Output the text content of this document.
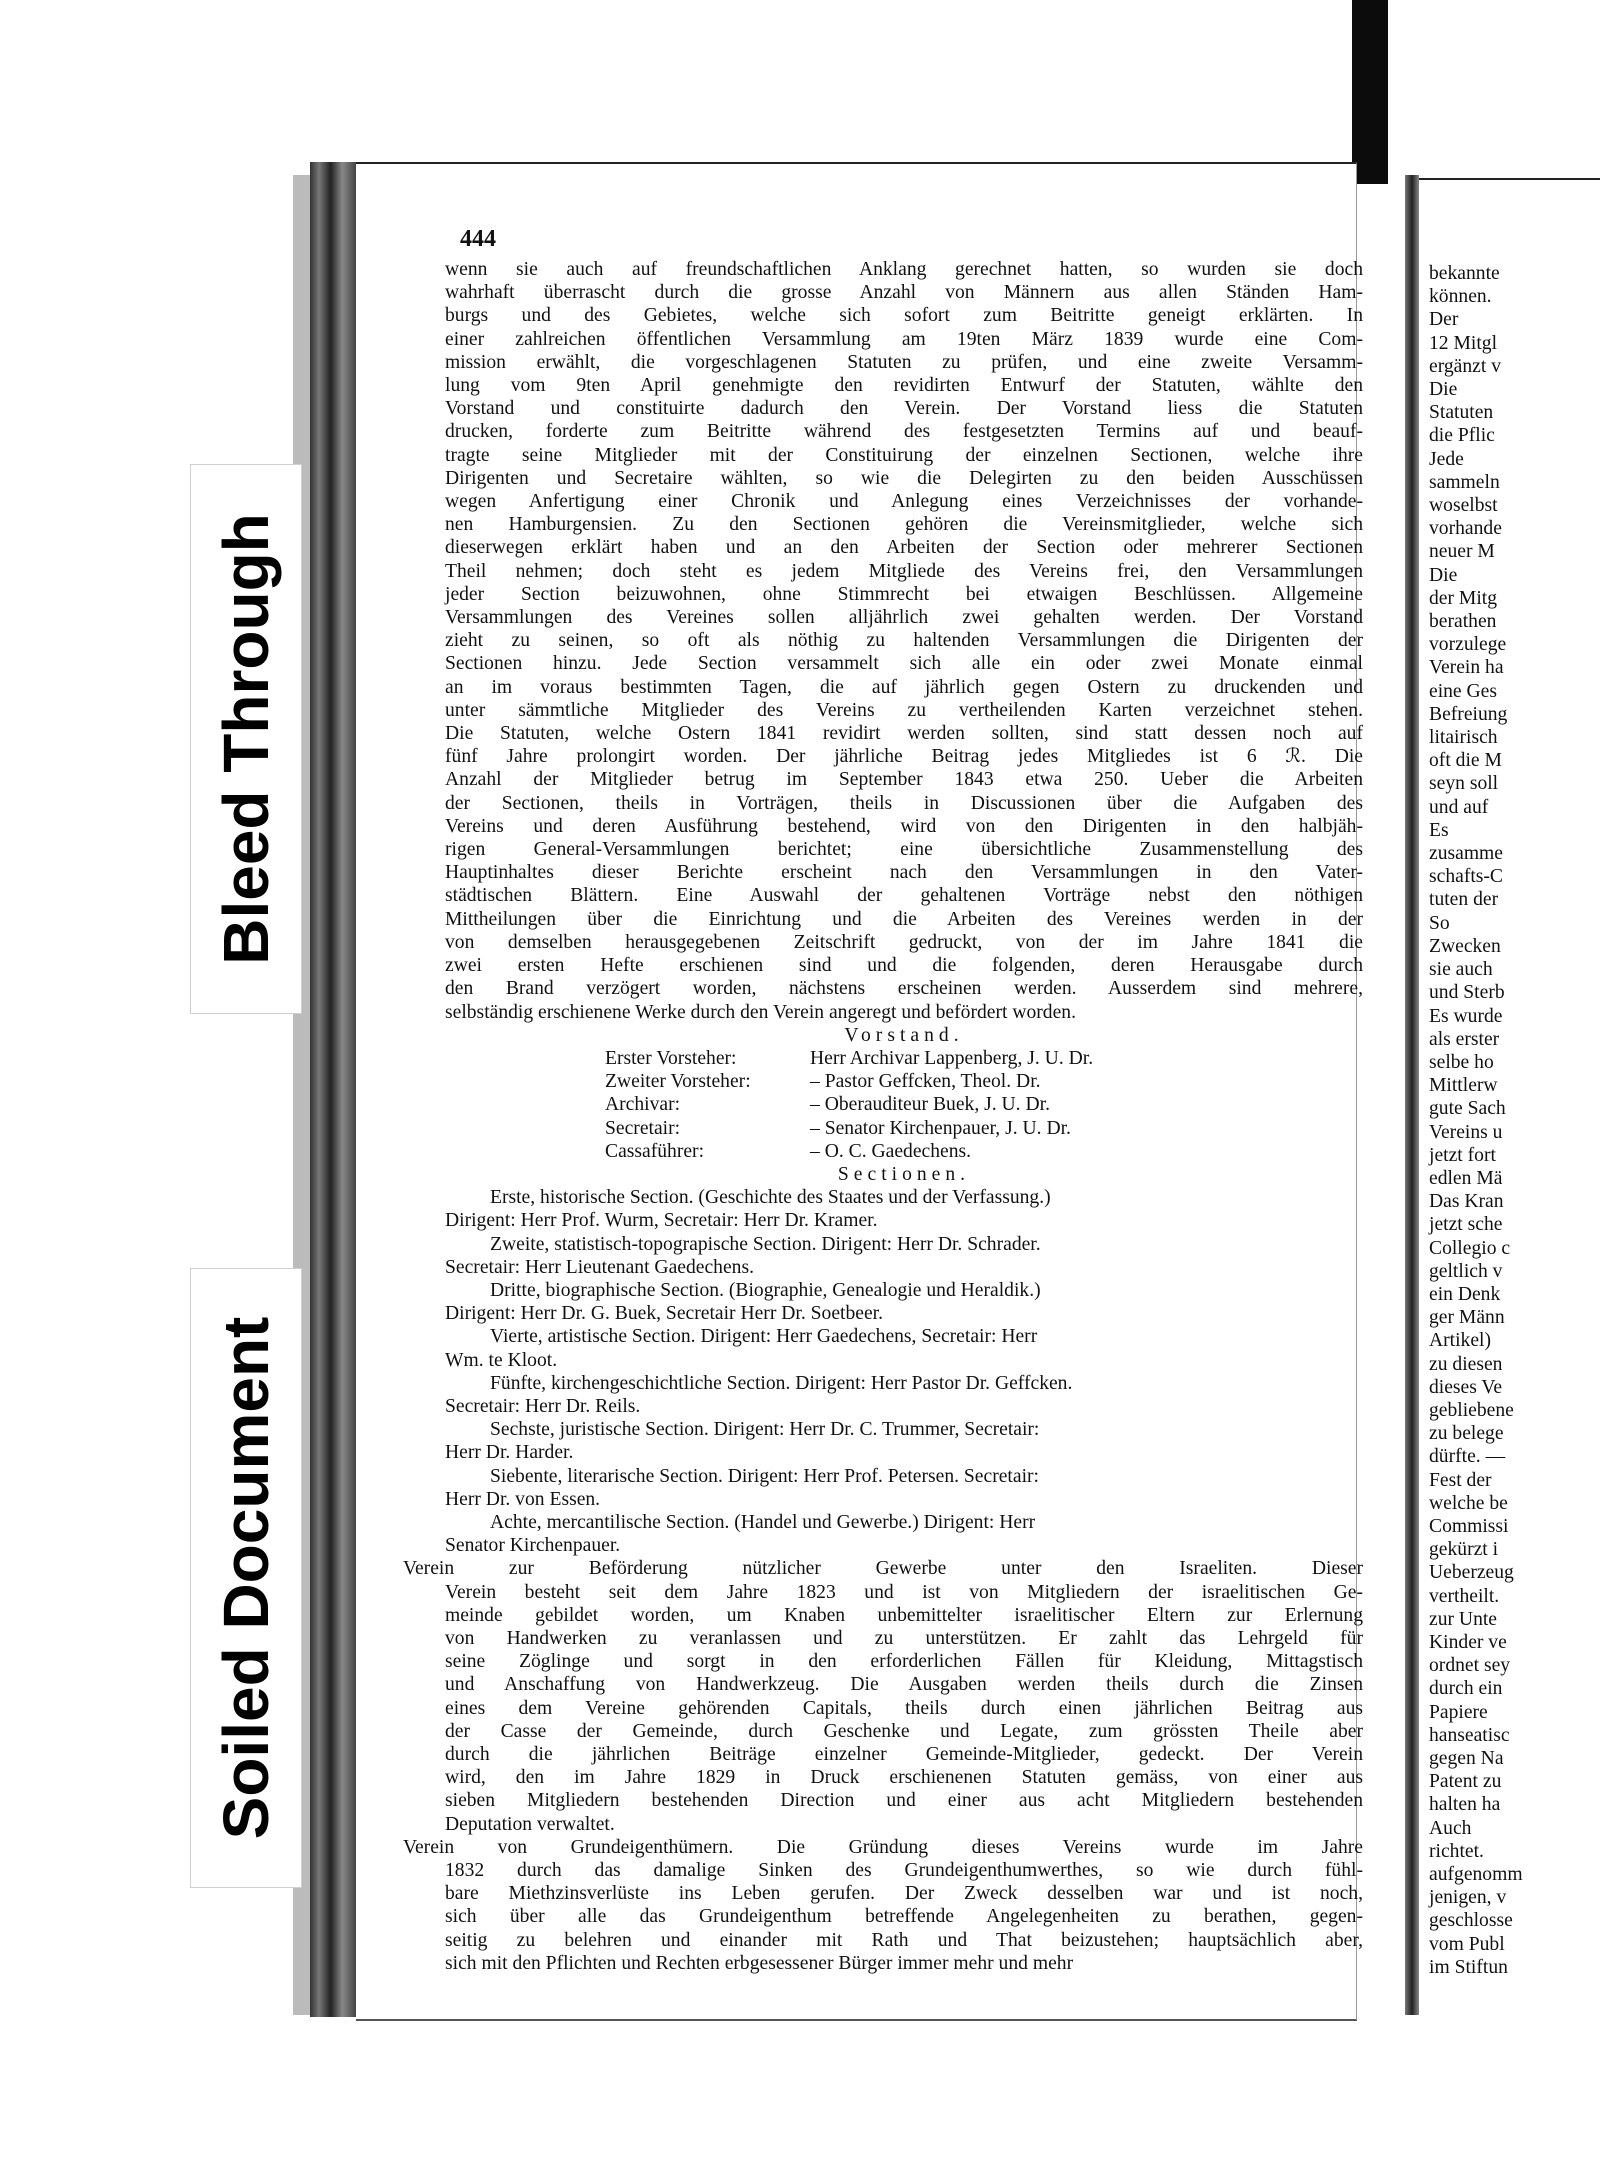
Bleed Through
Soiled Document
444

wenn sie auch auf freundschaftlichen Anklang gerechnet hatten, so wurden sie doch

wahrhaft überrascht durch die grosse Anzahl von Männern aus allen Ständen Ham-

burgs und des Gebietes, welche sich sofort zum Beitritte geneigt erklärten. In

einer zahlreichen öffentlichen Versammlung am 19ten März 1839 wurde eine Com-

mission erwählt, die vorgeschlagenen Statuten zu prüfen, und eine zweite Versamm-

lung vom 9ten April genehmigte den revidirten Entwurf der Statuten, wählte den

Vorstand und constituirte dadurch den Verein. Der Vorstand liess die Statuten

drucken, forderte zum Beitritte während des festgesetzten Termins auf und beauf-

tragte seine Mitglieder mit der Constituirung der einzelnen Sectionen, welche ihre

Dirigenten und Secretaire wählten, so wie die Delegirten zu den beiden Ausschüssen

wegen Anfertigung einer Chronik und Anlegung eines Verzeichnisses der vorhande-

nen Hamburgensien. Zu den Sectionen gehören die Vereinsmitglieder, welche sich

dieserwegen erklärt haben und an den Arbeiten der Section oder mehrerer Sectionen

Theil nehmen; doch steht es jedem Mitgliede des Vereins frei, den Versammlungen

jeder Section beizuwohnen, ohne Stimmrecht bei etwaigen Beschlüssen. Allgemeine

Versammlungen des Vereines sollen alljährlich zwei gehalten werden. Der Vorstand

zieht zu seinen, so oft als nöthig zu haltenden Versammlungen die Dirigenten der

Sectionen hinzu. Jede Section versammelt sich alle ein oder zwei Monate einmal

an im voraus bestimmten Tagen, die auf jährlich gegen Ostern zu druckenden und

unter sämmtliche Mitglieder des Vereins zu vertheilenden Karten verzeichnet stehen.

Die Statuten, welche Ostern 1841 revidirt werden sollten, sind statt dessen noch auf

fünf Jahre prolongirt worden. Der jährliche Beitrag jedes Mitgliedes ist 6 ℛ. Die

Anzahl der Mitglieder betrug im September 1843 etwa 250. Ueber die Arbeiten

der Sectionen, theils in Vorträgen, theils in Discussionen über die Aufgaben des

Vereins und deren Ausführung bestehend, wird von den Dirigenten in den halbjäh-

rigen General-Versammlungen berichtet; eine übersichtliche Zusammenstellung des

Hauptinhaltes dieser Berichte erscheint nach den Versammlungen in den Vater-

städtischen Blättern. Eine Auswahl der gehaltenen Vorträge nebst den nöthigen

Mittheilungen über die Einrichtung und die Arbeiten des Vereines werden in der

von demselben herausgegebenen Zeitschrift gedruckt, von der im Jahre 1841 die

zwei ersten Hefte erschienen sind und die folgenden, deren Herausgabe durch

den Brand verzögert worden, nächstens erscheinen werden. Ausserdem sind mehrere,

selbständig erschienene Werke durch den Verein angeregt und befördert worden.

Vorstand.

Erster Vorsteher:	Herr Archivar Lappenberg, J. U. Dr.
Zweiter Vorsteher:	– Pastor Geffcken, Theol. Dr.
Archivar:	– Oberauditeur Buek, J. U. Dr.
Secretair:	– Senator Kirchenpauer, J. U. Dr.
Cassaführer:	– O. C. Gaedechens.

Sectionen.

Erste, historische Section. (Geschichte des Staates und der Verfassung.)

Dirigent: Herr Prof. Wurm, Secretair: Herr Dr. Kramer.

Zweite, statistisch-topograpische Section. Dirigent: Herr Dr. Schrader.

Secretair: Herr Lieutenant Gaedechens.

Dritte, biographische Section. (Biographie, Genealogie und Heraldik.)

Dirigent: Herr Dr. G. Buek, Secretair Herr Dr. Soetbeer.

Vierte, artistische Section. Dirigent: Herr Gaedechens, Secretair: Herr

Wm. te Kloot.

Fünfte, kirchengeschichtliche Section. Dirigent: Herr Pastor Dr. Geffcken.

Secretair: Herr Dr. Reils.

Sechste, juristische Section. Dirigent: Herr Dr. C. Trummer, Secretair:

Herr Dr. Harder.

Siebente, literarische Section. Dirigent: Herr Prof. Petersen. Secretair:

Herr Dr. von Essen.

Achte, mercantilische Section. (Handel und Gewerbe.) Dirigent: Herr

Senator Kirchenpauer.

Verein zur Beförderung nützlicher Gewerbe unter den Israeliten. Dieser

Verein besteht seit dem Jahre 1823 und ist von Mitgliedern der israelitischen Ge-

meinde gebildet worden, um Knaben unbemittelter israelitischer Eltern zur Erlernung

von Handwerken zu veranlassen und zu unterstützen. Er zahlt das Lehrgeld für

seine Zöglinge und sorgt in den erforderlichen Fällen für Kleidung, Mittagstisch

und Anschaffung von Handwerkzeug. Die Ausgaben werden theils durch die Zinsen

eines dem Vereine gehörenden Capitals, theils durch einen jährlichen Beitrag aus

der Casse der Gemeinde, durch Geschenke und Legate, zum grössten Theile aber

durch die jährlichen Beiträge einzelner Gemeinde-Mitglieder, gedeckt. Der Verein

wird, den im Jahre 1829 in Druck erschienenen Statuten gemäss, von einer aus

sieben Mitgliedern bestehenden Direction und einer aus acht Mitgliedern bestehenden

Deputation verwaltet.

Verein von Grundeigenthümern. Die Gründung dieses Vereins wurde im Jahre

1832 durch das damalige Sinken des Grundeigenthumwerthes, so wie durch fühl-

bare Miethzinsverlüste ins Leben gerufen. Der Zweck desselben war und ist noch,

sich über alle das Grundeigenthum betreffende Angelegenheiten zu berathen, gegen-

seitig zu belehren und einander mit Rath und That beizustehen; hauptsächlich aber,

sich mit den Pflichten und Rechten erbgesessener Bürger immer mehr und mehr

bekannte

können.

Der

12 Mitgl

ergänzt v

Die

Statuten

die Pflic

Jede

sammeln

woselbst

vorhande

neuer M

Die

der Mitg

berathen

vorzulege

Verein ha

eine Ges

Befreiung

litairisch

oft die M

seyn soll

und auf

Es

zusamme

schafts-C

tuten der

So

Zwecken

sie auch

und Sterb

Es wurde

als erster

selbe ho

Mittlerw

gute Sach

Vereins u

jetzt fort

edlen Mä

Das Kran

jetzt sche

Collegio c

geltlich v

ein Denk

ger Männ

Artikel)

zu diesen

dieses Ve

gebliebene

zu belege

dürfte. —

Fest der

welche be

Commissi

gekürzt i

Ueberzeug

vertheilt.

zur Unte

Kinder ve

ordnet sey

durch ein

Papiere

hanseatisc

gegen Na

Patent zu

halten ha

Auch

richtet.

aufgenomm

jenigen, v

geschlosse

vom Publ

im Stiftun
